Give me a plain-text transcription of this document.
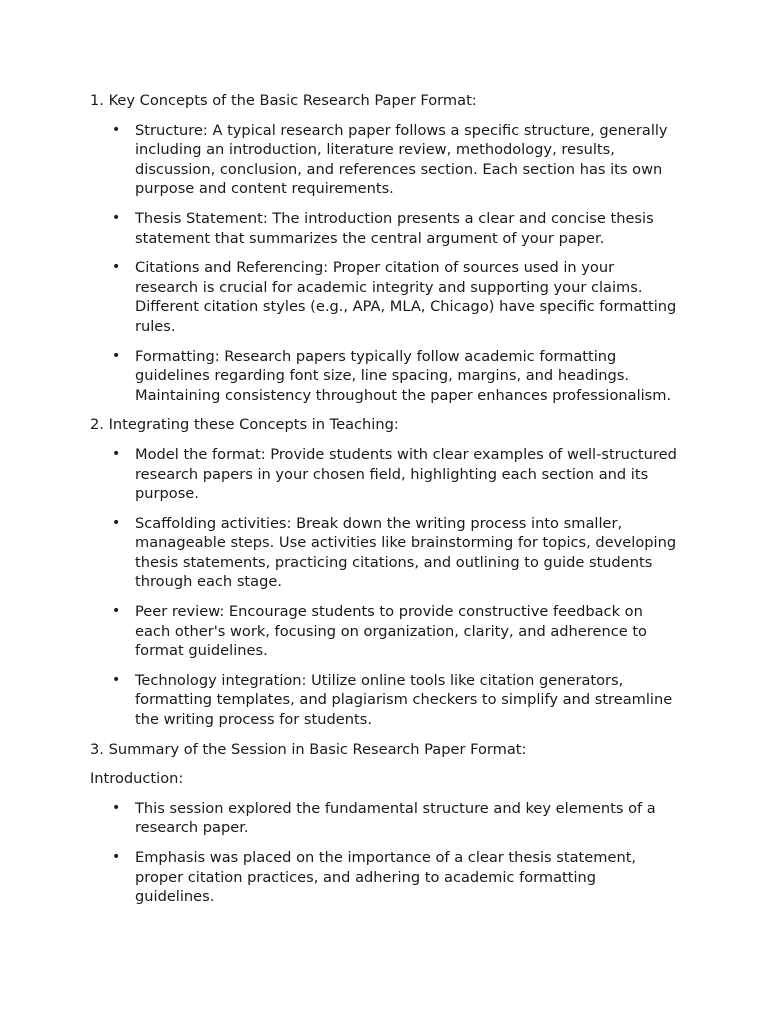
1. Key Concepts of the Basic Research Paper Format:
• Structure: A typical research paper follows a specific structure, generally including an introduction, literature review, methodology, results, discussion, conclusion, and references section. Each section has its own purpose and content requirements.
• Thesis Statement: The introduction presents a clear and concise thesis statement that summarizes the central argument of your paper.
• Citations and Referencing: Proper citation of sources used in your research is crucial for academic integrity and supporting your claims. Different citation styles (e.g., APA, MLA, Chicago) have specific formatting rules.
• Formatting: Research papers typically follow academic formatting guidelines regarding font size, line spacing, margins, and headings. Maintaining consistency throughout the paper enhances professionalism.
2. Integrating these Concepts in Teaching:
• Model the format: Provide students with clear examples of well-structured research papers in your chosen field, highlighting each section and its purpose.
• Scaffolding activities: Break down the writing process into smaller, manageable steps. Use activities like brainstorming for topics, developing thesis statements, practicing citations, and outlining to guide students through each stage.
• Peer review: Encourage students to provide constructive feedback on each other's work, focusing on organization, clarity, and adherence to format guidelines.
• Technology integration: Utilize online tools like citation generators, formatting templates, and plagiarism checkers to simplify and streamline the writing process for students.
3. Summary of the Session in Basic Research Paper Format:
Introduction:
• This session explored the fundamental structure and key elements of a research paper.
• Emphasis was placed on the importance of a clear thesis statement, proper citation practices, and adhering to academic formatting guidelines.
